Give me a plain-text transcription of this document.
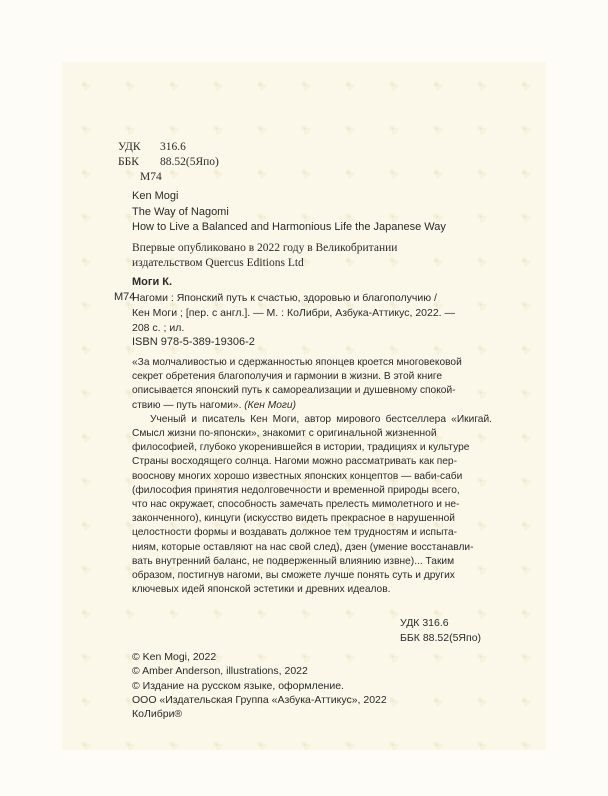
УДК	316.6
ББК	88.52(5Япо)
М74
Ken Mogi
The Way of Nagomi
How to Live a Balanced and Harmonious Life the Japanese Way
Впервые опубликовано в 2022 году в Великобритании
издательством Quercus Editions Ltd
Моги К.
М74
Нагоми : Японский путь к счастью, здоровью и благополучию /
Кен Моги ; [пер. с англ.]. — М. : КоЛибри, Азбука-Аттикус, 2022. —
208 с. ; ил.
ISBN 978-5-389-19306-2

«За молчаливостью и сдержанностью японцев кроется многовековой

секрет обретения благополучия и гармонии в жизни. В этой книге

описывается японский путь к самореализации и душевному спокой-

ствию — путь нагоми». (Кен Моги)

Ученый и писатель Кен Моги, автор мирового бестселлера «Икигай. Смысл жизни по-японски», знакомит с оригинальной жизненной

философией, глубоко укоренившейся в истории, традициях и культуре

Страны восходящего солнца. Нагоми можно рассматривать как пер-

вооснову многих хорошо известных японских концептов — ваби-саби

(философия принятия недолговечности и временной природы всего,

что нас окружает, способность замечать прелесть мимолетного и не-

законченного), кинцуги (искусство видеть прекрасное в нарушенной

целостности формы и воздавать должное тем трудностям и испыта-

ниям, которые оставляют на нас свой след), дзен (умение восстанавли-

вать внутренний баланс, не подверженный влиянию извне)... Таким

образом, постигнув нагоми, вы сможете лучше понять суть и других

ключевых идей японской эстетики и древних идеалов.

УДК 316.6
ББК 88.52(5Япо)
© Ken Mogi, 2022
© Amber Anderson, illustrations, 2022
© Издание на русском языке, оформление.
ООО «Издательская Группа «Азбука-Аттикус», 2022
КоЛибри®
